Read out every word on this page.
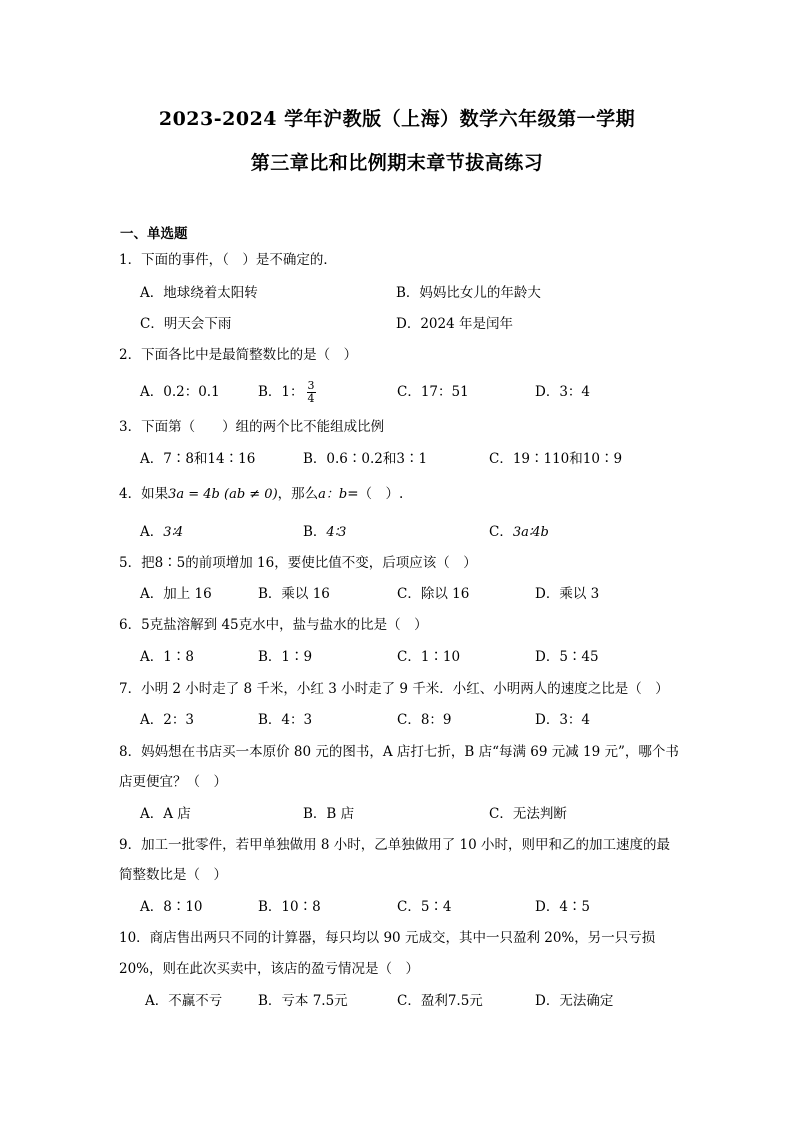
2023-2024 学年沪教版（上海）数学六年级第一学期
第三章比和比例期末章节拔高练习
一、单选题
1．下面的事件，（　）是不确定的．
A．地球绕着太阳转	B．妈妈比女儿的年龄大
C．明天会下雨	D．2024 年是闰年
2．下面各比中是最简整数比的是（　）
A．0.2：0.1	B．1： $\frac{3}{4}$	C．17：51	D．3：4
3．下面第（　　）组的两个比不能组成比例
A．7∶8和14∶16	B．0.6∶0.2和3∶1	C．19∶110和10∶9
4．如果3a = 4b (ab ≠ 0)，那么a：b=（　）.
A．3∶4	B．4∶3	C．3a∶4b
5．把8∶5的前项增加 16，要使比值不变，后项应该（　）
A．加上 16	B．乘以 16	C．除以 16	D．乘以 3
6．5克盐溶解到 45克水中，盐与盐水的比是（　）
A．1∶8	B．1∶9	C．1∶10	D．5∶45
7．小明 2 小时走了 8 千米，小红 3 小时走了 9 千米．小红、小明两人的速度之比是（　）
A．2：3	B．4：3	C．8：9	D．3：4
8．妈妈想在书店买一本原价 80 元的图书，A 店打七折，B 店“每满 69 元减 19 元”，哪个书
店更便宜？（　）
A．A 店	B．B 店	C．无法判断
9．加工一批零件，若甲单独做用 8 小时，乙单独做用了 10 小时，则甲和乙的加工速度的最
简整数比是（　）
A．8∶10	B．10∶8	C．5∶4	D．4∶5
10．商店售出两只不同的计算器，每只均以 90 元成交，其中一只盈利 20%，另一只亏损
20%，则在此次买卖中，该店的盈亏情况是（　）
A．不赢不亏	B．亏本 7.5元	C．盈利7.5元	D．无法确定
